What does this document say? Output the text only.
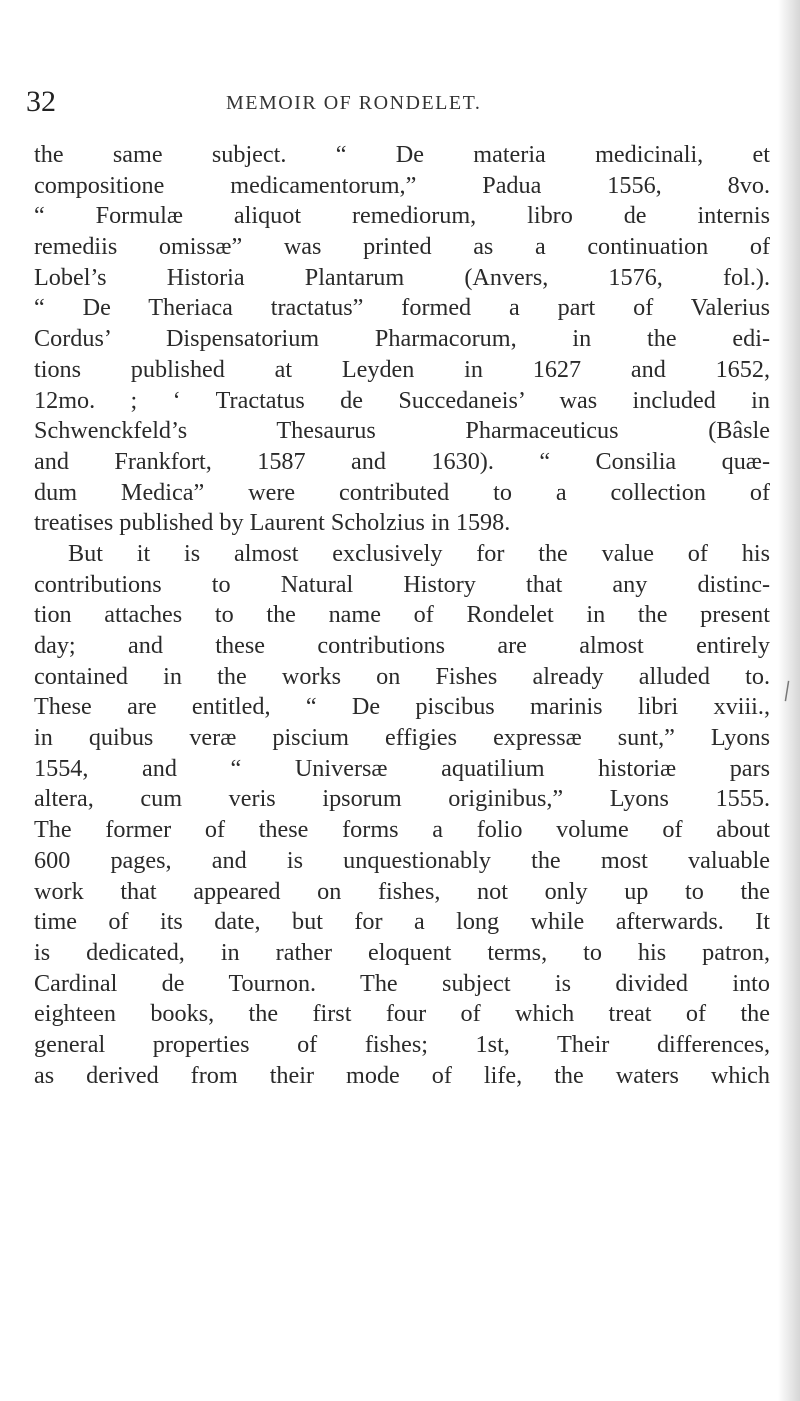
32	MEMOIR OF RONDELET.
the same subject. “ De materia medicinali, et
compositione medicamentorum,” Padua 1556, 8vo.
“ Formulæ aliquot remediorum, libro de internis
remediis omissæ” was printed as a continuation of
Lobel’s Historia Plantarum (Anvers, 1576, fol.).
“ De Theriaca tractatus” formed a part of Valerius
Cordus’ Dispensatorium Pharmacorum, in the edi-
tions published at Leyden in 1627 and 1652,
12mo. ; ‘ Tractatus de Succedaneis’ was included in
Schwenckfeld’s Thesaurus Pharmaceuticus (Bâsle
and Frankfort, 1587 and 1630). “ Consilia quæ-
dum Medica” were contributed to a collection of
treatises published by Laurent Scholzius in 1598.
But it is almost exclusively for the value of his
contributions to Natural History that any distinc-
tion attaches to the name of Rondelet in the present
day; and these contributions are almost entirely
contained in the works on Fishes already alluded to.
These are entitled, “ De piscibus marinis libri xviii.,
in quibus veræ piscium effigies expressæ sunt,” Lyons
1554, and “ Universæ aquatilium historiæ pars
altera, cum veris ipsorum originibus,” Lyons 1555.
The former of these forms a folio volume of about
600 pages, and is unquestionably the most valuable
work that appeared on fishes, not only up to the
time of its date, but for a long while afterwards. It
is dedicated, in rather eloquent terms, to his patron,
Cardinal de Tournon. The subject is divided into
eighteen books, the first four of which treat of the
general properties of fishes; 1st, Their differences,
as derived from their mode of life, the waters which
